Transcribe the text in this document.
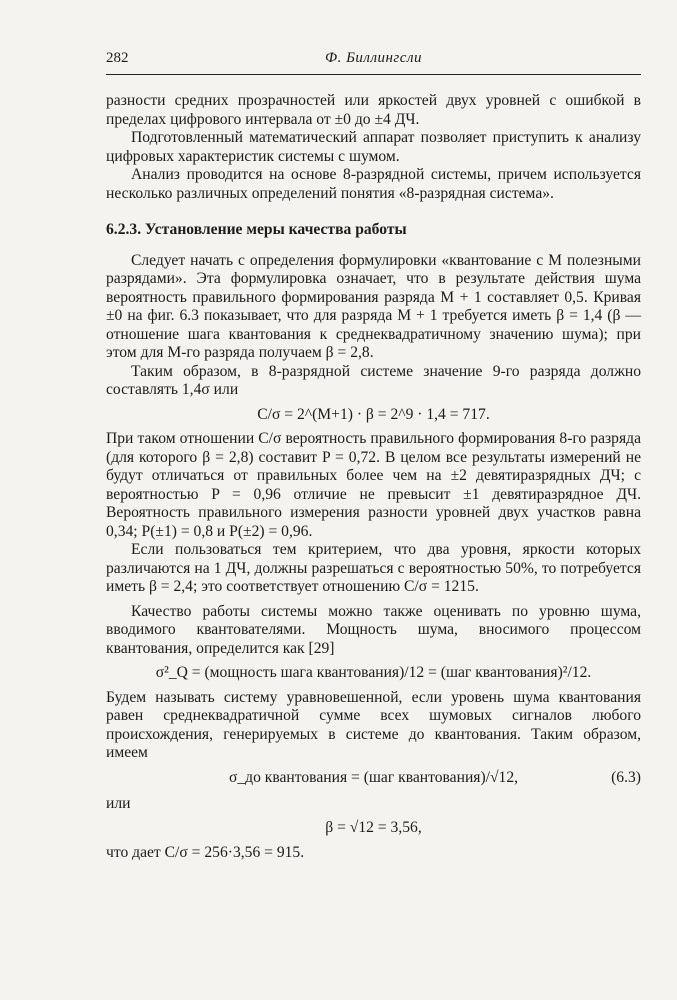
282	Ф. Биллингсли

разности средних прозрачностей или яркостей двух уровней с ошибкой в пределах цифрового интервала от ±0 до ±4 ДЧ.

Подготовленный математический аппарат позволяет приступить к анализу цифровых характеристик системы с шумом.

Анализ проводится на основе 8-разрядной системы, причем используется несколько различных определений понятия «8-разрядная система».

6.2.3. Установление меры качества работы

Следует начать с определения формулировки «квантование с M полезными разрядами». Эта формулировка означает, что в результате действия шума вероятность правильного формирования разряда M + 1 составляет 0,5. Кривая ±0 на фиг. 6.3 показывает, что для разряда M + 1 требуется иметь β = 1,4 (β — отношение шага квантования к среднеквадратичному значению шума); при этом для M-го разряда получаем β = 2,8.

Таким образом, в 8-разрядной системе значение 9-го разряда должно составлять 1,4σ или

C/σ = 2^(M+1) · β = 2^9 · 1,4 = 717.

При таком отношении C/σ вероятность правильного формирования 8-го разряда (для которого β = 2,8) составит P = 0,72. В целом все результаты измерений не будут отличаться от правильных более чем на ±2 девятиразрядных ДЧ; с вероятностью P = 0,96 отличие не превысит ±1 девятиразрядное ДЧ. Вероятность правильного измерения разности уровней двух участков равна 0,34; P(±1) = 0,8 и P(±2) = 0,96.

Если пользоваться тем критерием, что два уровня, яркости которых различаются на 1 ДЧ, должны разрешаться с вероятностью 50%, то потребуется иметь β = 2,4; это соответствует отношению C/σ = 1215.

Качество работы системы можно также оценивать по уровню шума, вводимого квантователями. Мощность шума, вносимого процессом квантования, определится как [29]

σ²_Q = (мощность шага квантования)/12 = (шаг квантования)²/12.

Будем называть систему уравновешенной, если уровень шума квантования равен среднеквадратичной сумме всех шумовых сигналов любого происхождения, генерируемых в системе до квантования. Таким образом, имеем

σ_до квантования = (шаг квантования)/√12,	(6.3)

или

β = √12 = 3,56,

что дает C/σ = 256·3,56 = 915.
